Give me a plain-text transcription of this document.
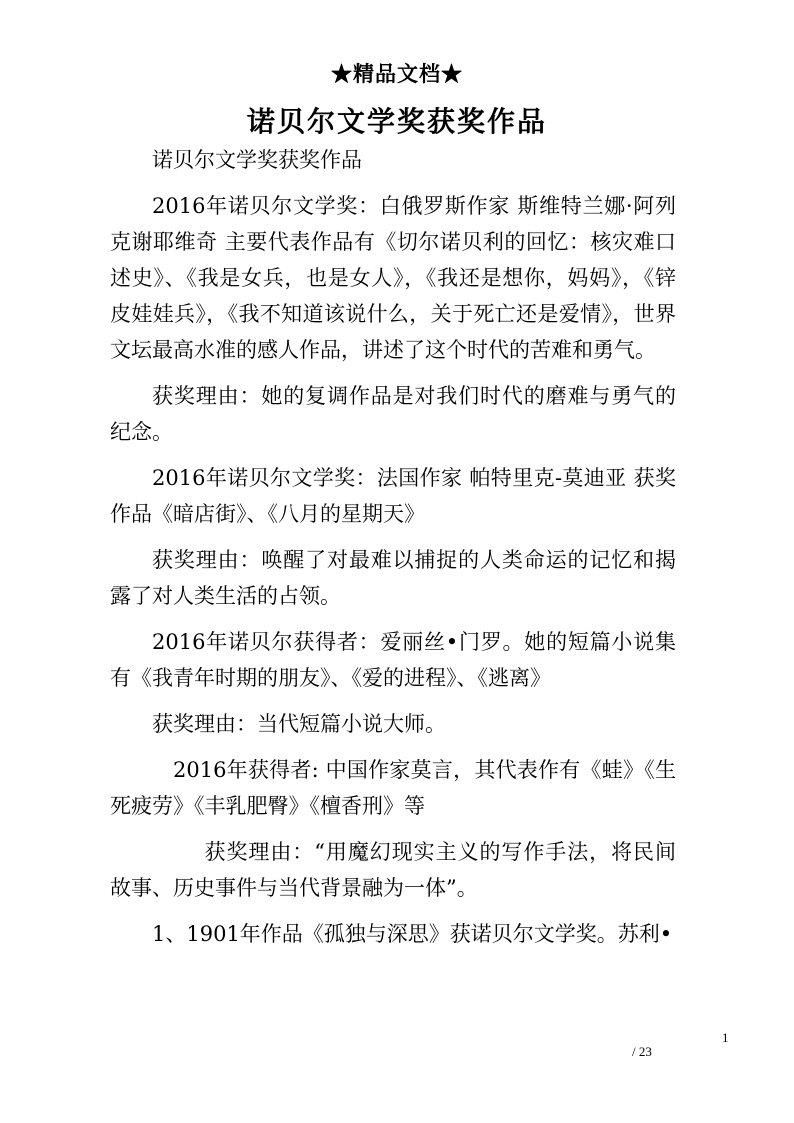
★精品文档★
诺贝尔文学奖获奖作品

诺贝尔文学奖获奖作品

2016年诺贝尔文学奖：白俄罗斯作家 斯维特兰娜·阿列克谢耶维奇 主要代表作品有《切尔诺贝利的回忆：核灾难口述史》、《我是女兵，也是女人》，《我还是想你，妈妈》，《锌皮娃娃兵》，《我不知道该说什么，关于死亡还是爱情》，世界文坛最高水准的感人作品，讲述了这个时代的苦难和勇气。

获奖理由：她的复调作品是对我们时代的磨难与勇气的纪念。

2016年诺贝尔文学奖：法国作家 帕特里克-莫迪亚 获奖作品《暗店街》、《八月的星期天》

获奖理由：唤醒了对最难以捕捉的人类命运的记忆和揭露了对人类生活的占领。

2016年诺贝尔获得者：爱丽丝•门罗。她的短篇小说集有《我青年时期的朋友》、《爱的进程》、《逃离》

获奖理由：当代短篇小说大师。

2016年获得者: 中国作家莫言，其代表作有《蛙》《生死疲劳》《丰乳肥臀》《檀香刑》等

获奖理由：“用魔幻现实主义的写作手法，将民间故事、历史事件与当代背景融为一体”。

1、1901年作品《孤独与深思》获诺贝尔文学奖。苏利•

1
/ 23
